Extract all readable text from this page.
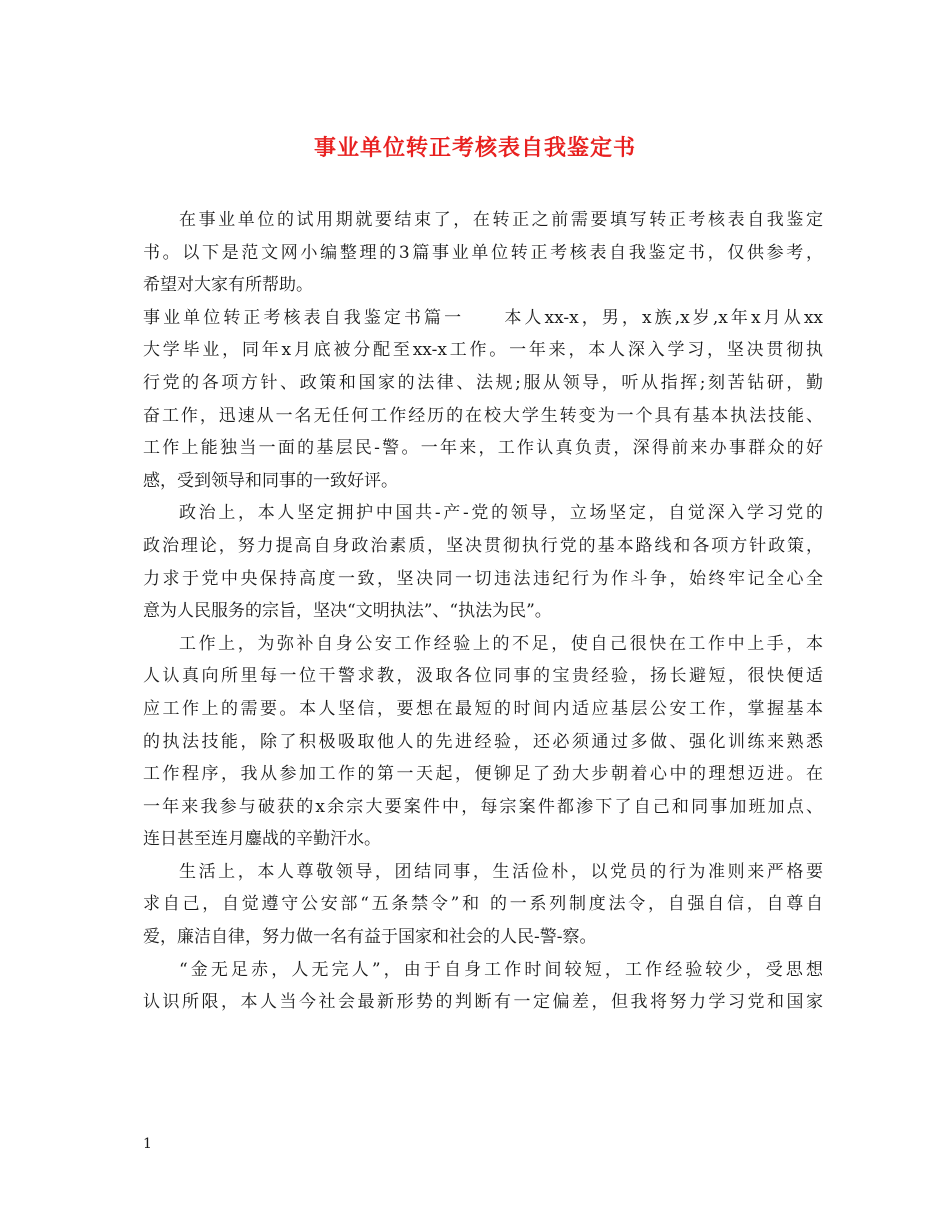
事业单位转正考核表自我鉴定书
在事业单位的试用期就要结束了，在转正之前需要填写转正考核表自我鉴定
书。以下是范文网小编整理的3篇事业单位转正考核表自我鉴定书，仅供参考，
希望对大家有所帮助。
事业单位转正考核表自我鉴定书篇一　　本人xx-x，男，x族,x岁,x年x月从xx
大学毕业，同年x月底被分配至xx-x工作。一年来，本人深入学习，坚决贯彻执
行党的各项方针、政策和国家的法律、法规;服从领导，听从指挥;刻苦钻研，勤
奋工作，迅速从一名无任何工作经历的在校大学生转变为一个具有基本执法技能、
工作上能独当一面的基层民-警。一年来，工作认真负责，深得前来办事群众的好
感，受到领导和同事的一致好评。
政治上，本人坚定拥护中国共-产-党的领导，立场坚定，自觉深入学习党的
政治理论，努力提高自身政治素质，坚决贯彻执行党的基本路线和各项方针政策，
力求于党中央保持高度一致，坚决同一切违法违纪行为作斗争，始终牢记全心全
意为人民服务的宗旨，坚决“文明执法”、“执法为民”。
工作上，为弥补自身公安工作经验上的不足，使自己很快在工作中上手，本
人认真向所里每一位干警求教，汲取各位同事的宝贵经验，扬长避短，很快便适
应工作上的需要。本人坚信，要想在最短的时间内适应基层公安工作，掌握基本
的执法技能，除了积极吸取他人的先进经验，还必须通过多做、强化训练来熟悉
工作程序，我从参加工作的第一天起，便铆足了劲大步朝着心中的理想迈进。在
一年来我参与破获的x余宗大要案件中，每宗案件都渗下了自己和同事加班加点、
连日甚至连月鏖战的辛勤汗水。
生活上，本人尊敬领导，团结同事，生活俭朴，以党员的行为准则来严格要
求自己，自觉遵守公安部“五条禁令”和 的一系列制度法令，自强自信，自尊自
爱，廉洁自律，努力做一名有益于国家和社会的人民-警-察。
“金无足赤，人无完人”，由于自身工作时间较短，工作经验较少，受思想
认识所限，本人当今社会最新形势的判断有一定偏差，但我将努力学习党和国家
1
